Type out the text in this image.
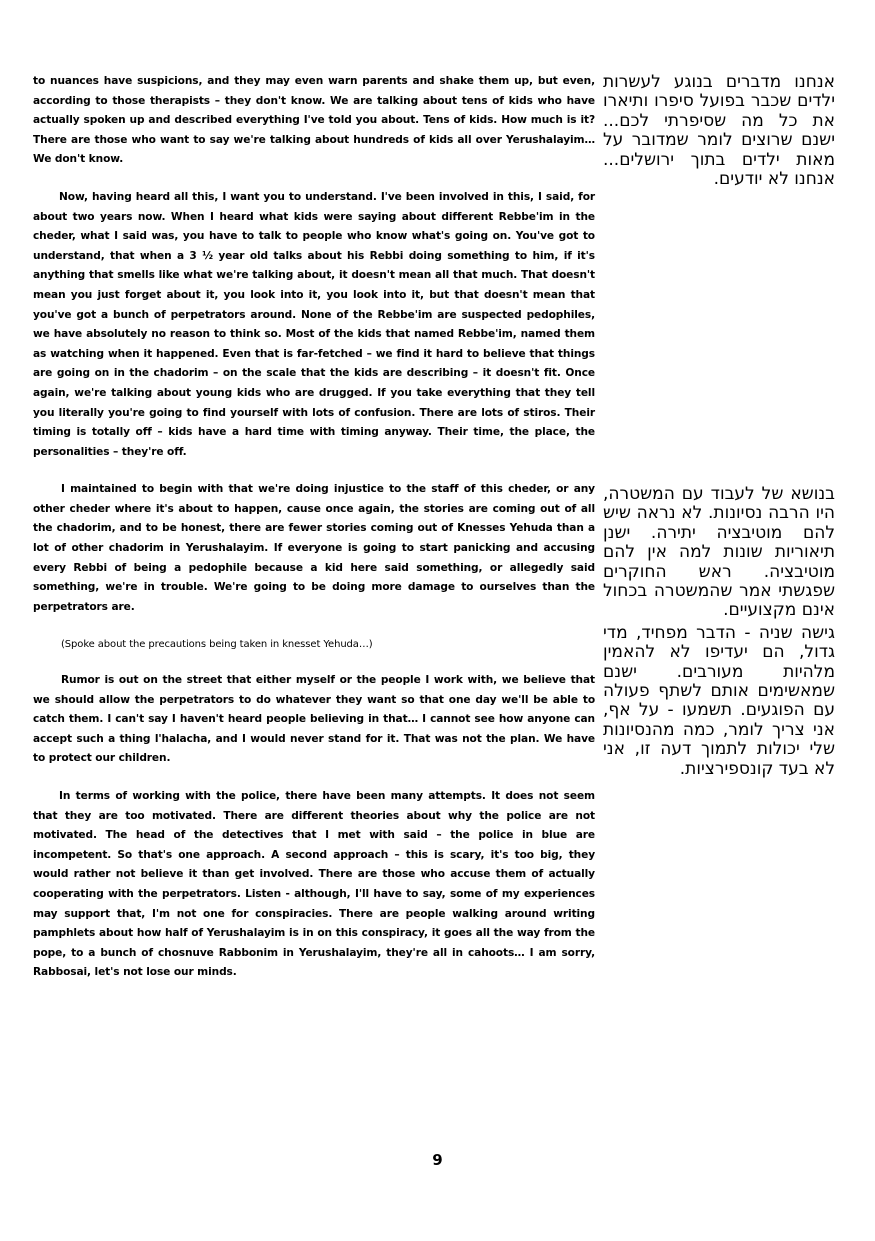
to nuances have suspicions, and they may even warn parents and shake them up, but even, according to those therapists – they don't know. We are talking about tens of kids who have actually spoken up and described everything I've told you about. Tens of kids. How much is it? There are those who want to say we're talking about hundreds of kids all over Yerushalayim… We don't know.

Now, having heard all this, I want you to understand. I've been involved in this, I said, for about two years now. When I heard what kids were saying about different Rebbe'im in the cheder, what I said was, you have to talk to people who know what's going on. You've got to understand, that when a 3 ½ year old talks about his Rebbi doing something to him, if it's anything that smells like what we're talking about, it doesn't mean all that much. That doesn't mean you just forget about it, you look into it, you look into it, but that doesn't mean that you've got a bunch of perpetrators around. None of the Rebbe'im are suspected pedophiles, we have absolutely no reason to think so. Most of the kids that named Rebbe'im, named them as watching when it happened. Even that is far-fetched – we find it hard to believe that things are going on in the chadorim – on the scale that the kids are describing – it doesn't fit. Once again, we're talking about young kids who are drugged. If you take everything that they tell you literally you're going to find yourself with lots of confusion. There are lots of stiros. Their timing is totally off – kids have a hard time with timing anyway. Their time, the place, the personalities – they're off.

I maintained to begin with that we're doing injustice to the staff of this cheder, or any other cheder where it's about to happen, cause once again, the stories are coming out of all the chadorim, and to be honest, there are fewer stories coming out of Knesses Yehuda than a lot of other chadorim in Yerushalayim. If everyone is going to start panicking and accusing every Rebbi of being a pedophile because a kid here said something, or allegedly said something, we're in trouble. We're going to be doing more damage to ourselves than the perpetrators are.

(Spoke about the precautions being taken in knesset Yehuda…)

Rumor is out on the street that either myself or the people I work with, we believe that we should allow the perpetrators to do whatever they want so that one day we'll be able to catch them. I can't say I haven't heard people believing in that… I cannot see how anyone can accept such a thing l'halacha, and I would never stand for it. That was not the plan. We have to protect our children.

In terms of working with the police, there have been many attempts. It does not seem that they are too motivated. There are different theories about why the police are not motivated. The head of the detectives that I met with said – the police in blue are incompetent. So that's one approach. A second approach – this is scary, it's too big, they would rather not believe it than get involved. There are those who accuse them of actually cooperating with the perpetrators. Listen - although, I'll have to say, some of my experiences may support that, I'm not one for conspiracies. There are people walking around writing pamphlets about how half of Yerushalayim is in on this conspiracy, it goes all the way from the pope, to a bunch of chosnuve Rabbonim in Yerushalayim, they're all in cahoots… I am sorry, Rabbosai, let's not lose our minds.

אנחנו מדברים בנוגע לעשרות ילדים שכבר בפועל סיפרו ותיארו את כל מה שסיפרתי לכם... ישנם שרוצים לומר שמדובר על מאות ילדים בתוך ירושלים... אנחנו לא יודעים.

בנושא של לעבוד עם המשטרה, היו הרבה נסיונות. לא נראה שיש להם מוטיבציה יתירה. ישנן תיאוריות שונות למה אין להם מוטיבציה. ראש החוקרים שפגשתי אמר שהמשטרה בכחול אינם מקצועיים.

גישה שניה - הדבר מפחיד, מדי גדול, הם יעדיפו לא להאמין מלהיות מעורבים. ישנם שמאשימים אותם לשתף פעולה עם הפוגעים. תשמעו - על אף, אני צריך לומר, כמה מהנסיונות שלי יכולות לתמוך דעה זו, אני לא בעד קונספירציות.

9
